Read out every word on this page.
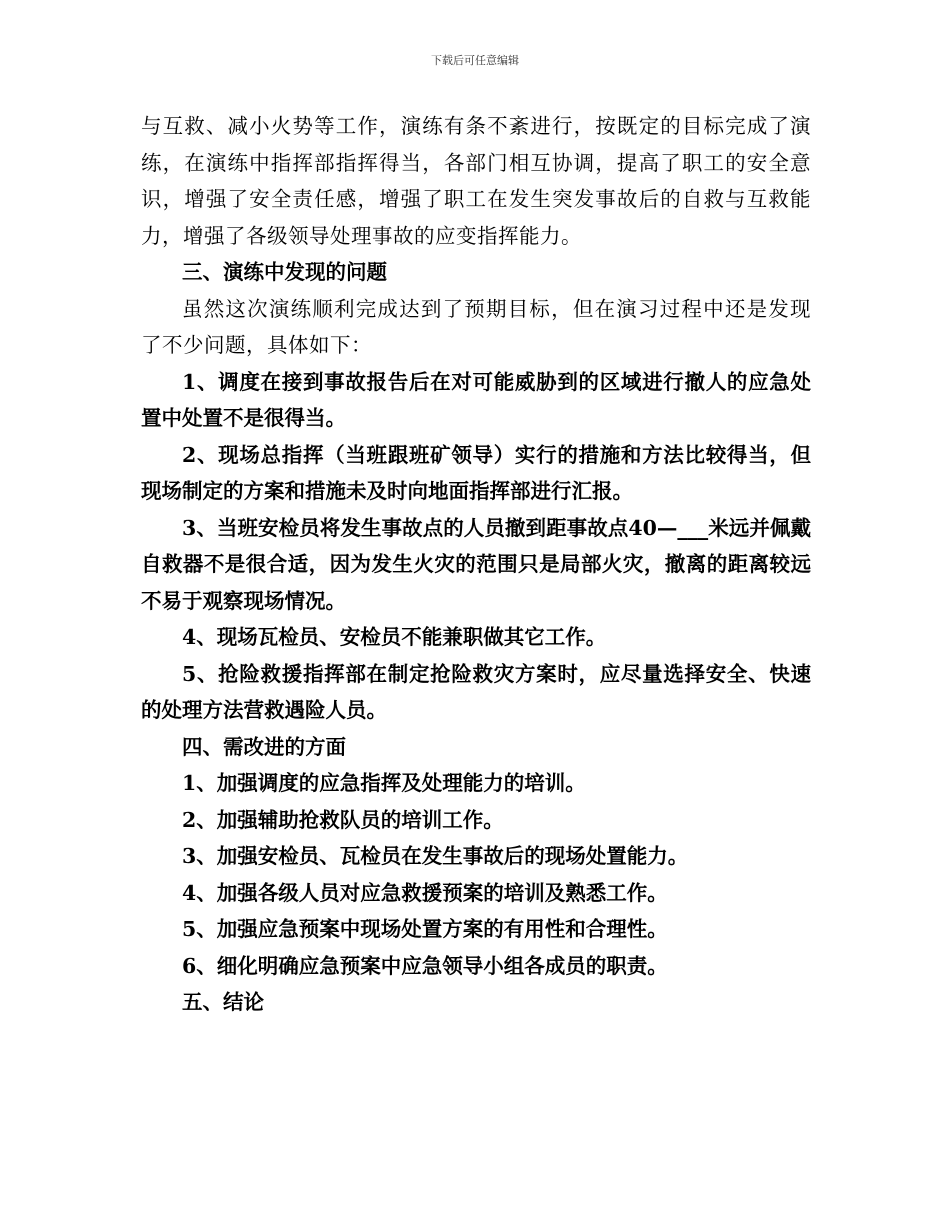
下载后可任意编辑

与互救、减小火势等工作，演练有条不紊进行，按既定的目标完成了演练，在演练中指挥部指挥得当，各部门相互协调，提高了职工的安全意识，增强了安全责任感，增强了职工在发生突发事故后的自救与互救能力，增强了各级领导处理事故的应变指挥能力。

三、演练中发现的问题

虽然这次演练顺利完成达到了预期目标，但在演习过程中还是发现了不少问题，具体如下：

1、调度在接到事故报告后在对可能威胁到的区域进行撤人的应急处置中处置不是很得当。

2、现场总指挥（当班跟班矿领导）实行的措施和方法比较得当，但现场制定的方案和措施未及时向地面指挥部进行汇报。

3、当班安检员将发生事故点的人员撤到距事故点40—___米远并佩戴自救器不是很合适，因为发生火灾的范围只是局部火灾，撤离的距离较远不易于观察现场情况。

4、现场瓦检员、安检员不能兼职做其它工作。

5、抢险救援指挥部在制定抢险救灾方案时，应尽量选择安全、快速的处理方法营救遇险人员。

四、需改进的方面

1、加强调度的应急指挥及处理能力的培训。

2、加强辅助抢救队员的培训工作。

3、加强安检员、瓦检员在发生事故后的现场处置能力。

4、加强各级人员对应急救援预案的培训及熟悉工作。

5、加强应急预案中现场处置方案的有用性和合理性。

6、细化明确应急预案中应急领导小组各成员的职责。

五、结论
